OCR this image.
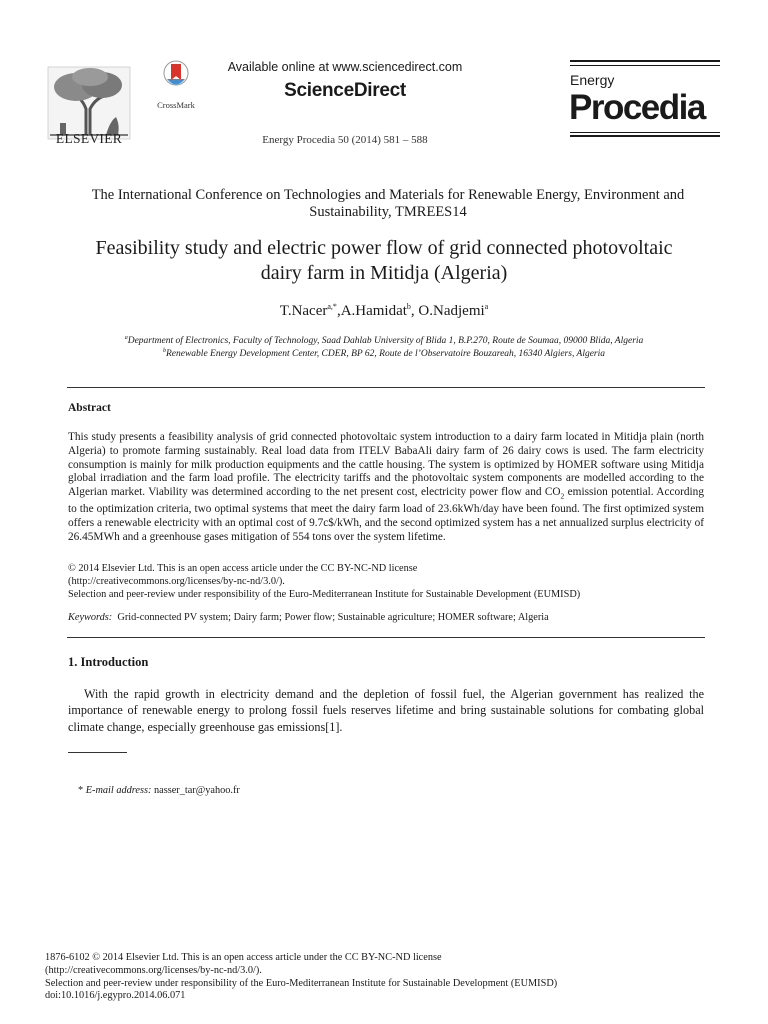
ELSEVIER
CrossMark
Available online at www.sciencedirect.com
ScienceDirect
Energy Procedia 50 (2014) 581 – 588
Energy
Procedia
The International Conference on Technologies and Materials for Renewable Energy, Environment and Sustainability, TMREES14
Feasibility study and electric power flow of grid connected photovoltaic dairy farm in Mitidja (Algeria)
T.Nacer$^{a,*}$,A.Hamidat$^b$, O.Nadjemi$^a$
$^a$Department of Electronics, Faculty of Technology, Saad Dahlab University of Blida 1, B.P.270, Route de Soumaa, 09000 Blida, Algeria
$^b$Renewable Energy Development Center, CDER, BP 62, Route de l’Observatoire Bouzareah, 16340 Algiers, Algeria
Abstract
This study presents a feasibility analysis of grid connected photovoltaic system introduction to a dairy farm located in Mitidja plain (north Algeria) to promote farming sustainably. Real load data from ITELV BabaAli dairy farm of 26 dairy cows is used. The farm electricity consumption is mainly for milk production equipments and the cattle housing. The system is optimized by HOMER software using Mitidja global irradiation and the farm load profile. The electricity tariffs and the photovoltaic system components are modelled according to the Algerian market. Viability was determined according to the net present cost, electricity power flow and $CO_2$ emission potential. According to the optimization criteria, two optimal systems that meet the dairy farm load of 23.6kWh/day have been found. The first optimized system offers a renewable electricity with an optimal cost of 9.7c$/kWh, and the second optimized system has a net annualized surplus electricity of 26.45MWh and a greenhouse gases mitigation of 554 tons over the system lifetime.
© 2014 Elsevier Ltd. This is an open access article under the CC BY-NC-ND license
(http://creativecommons.org/licenses/by-nc-nd/3.0/).
Selection and peer-review under responsibility of the Euro-Mediterranean Institute for Sustainable Development (EUMISD)
Keywords: Grid-connected PV system; Dairy farm; Power flow; Sustainable agriculture; HOMER software; Algeria
1. Introduction
With the rapid growth in electricity demand and the depletion of fossil fuel, the Algerian government has realized the importance of renewable energy to prolong fossil fuels reserves lifetime and bring sustainable solutions for combating global climate change, especially greenhouse gas emissions[1].
* E-mail address: nasser_tar@yahoo.fr
1876-6102 © 2014 Elsevier Ltd. This is an open access article under the CC BY-NC-ND license
(http://creativecommons.org/licenses/by-nc-nd/3.0/).
Selection and peer-review under responsibility of the Euro-Mediterranean Institute for Sustainable Development (EUMISD)
doi:10.1016/j.egypro.2014.06.071
